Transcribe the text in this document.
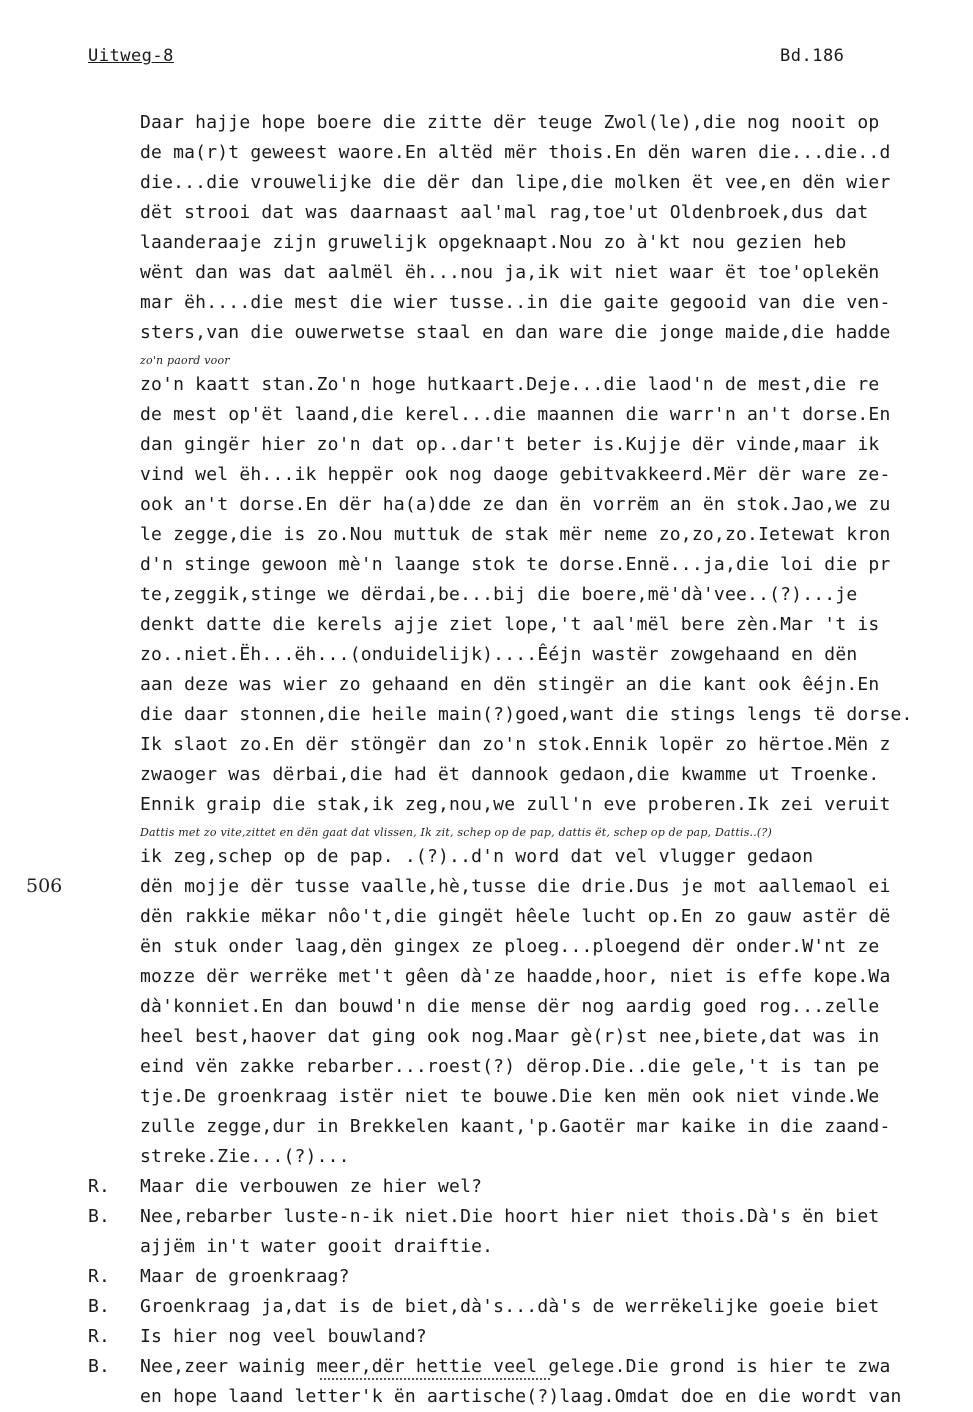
Uitweg-8	Bd.186
506
Daar hajje hope boere die zitte dër teuge Zwol(le),die nog nooit op
de ma(r)t geweest waore.En altëd mër thois.En dën waren die...die..d
die...die vrouwelijke die dër dan lipe,die molken ët vee,en dën wier
dët strooi dat was daarnaast aal'mal rag,toe'ut Oldenbroek,dus dat
laanderaaje zijn gruwelijk opgeknaapt.Nou zo à'kt nou gezien heb
wënt dan was dat aalmël ëh...nou ja,ik wit niet waar ët toe'oplekën
mar ëh....die mest die wier tusse..in die gaite gegooid van die ven-
sters,van die ouwerwetse staal en dan ware die jonge maide,die hadde
zo'n paord voor
zo'n kaatt stan.Zo'n hoge hutkaart.Deje...die laod'n de mest,die re
de mest op'ët laand,die kerel...die maannen die warr'n an't dorse.En
dan gingër hier zo'n dat op..dar't beter is.Kujje dër vinde,maar ik
vind wel ëh...ik heppër ook nog daoge gebitvakkeerd.Mër dër ware ze-
ook an't dorse.En dër ha(a)dde ze dan ën vorrëm an ën stok.Jao,we zu
le zegge,die is zo.Nou muttuk de stak mër neme zo,zo,zo.Ietewat kron
d'n stinge gewoon mè'n laange stok te dorse.Ennë...ja,die loi die pr
te,zeggik,stinge we dërdai,be...bij die boere,më'dà'vee..(?)...je
denkt datte die kerels ajje ziet lope,'t aal'mël bere zèn.Mar 't is
zo..niet.Ëh...ëh...(onduidelijk)....Êéjn wastër zowgehaand en dën
aan deze was wier zo gehaand en dën stingër an die kant ook êéjn.En
die daar stonnen,die heile main(?)goed,want die stings lengs të dorse.
Ik slaot zo.En dër stöngër dan zo'n stok.Ennik lopër zo hërtoe.Mën z
zwaoger was dërbai,die had ët dannook gedaon,die kwamme ut Troenke.
Ennik graip die stak,ik zeg,nou,we zull'n eve proberen.Ik zei veruit
Dattis met zo vite,zittet en dën gaat dat vlissen, Ik zit, schep op de pap, dattis ët, schep op de pap, Dattis..(?)
ik zeg,schep op de pap. .(?)..d'n word dat vel vlugger gedaon
dën mojje dër tusse vaalle,hè,tusse die drie.Dus je mot aallemaol ei
dën rakkie mëkar nôo't,die gingët hêele lucht op.En zo gauw astër dë
ën stuk onder laag,dën gingex ze ploeg...ploegend dër onder.W'nt ze
mozze dër werrëke met't gêen dà'ze haadde,hoor, niet is effe kope.Wa
dà'konniet.En dan bouwd'n die mense dër nog aardig goed rog...zelle
heel best,haover dat ging ook nog.Maar gè(r)st nee,biete,dat was in
eind vën zakke rebarber...roest(?) dërop.Die..die gele,'t is tan pe
tje.De groenkraag istër niet te bouwe.Die ken mën ook niet vinde.We
zulle zegge,dur in Brekkelen kaant,'p.Gaotër mar kaike in die zaand-
streke.Zie...(?)...
R.	Maar die verbouwen ze hier wel?
B.	Nee,rebarber luste-n-ik niet.Die hoort hier niet thois.Dà's ën biet
ajjëm in't water gooit draiftie.
R.	Maar de groenkraag?
B.	Groenkraag ja,dat is de biet,dà's...dà's de werrëkelijke goeie biet
R.	Is hier nog veel bouwland?
B.	Nee,zeer wainig meer,dër hettie veel gelege.Die grond is hier te zwa
en hope laand letter'k ën aartische(?)laag.Omdat doe en die wordt van
